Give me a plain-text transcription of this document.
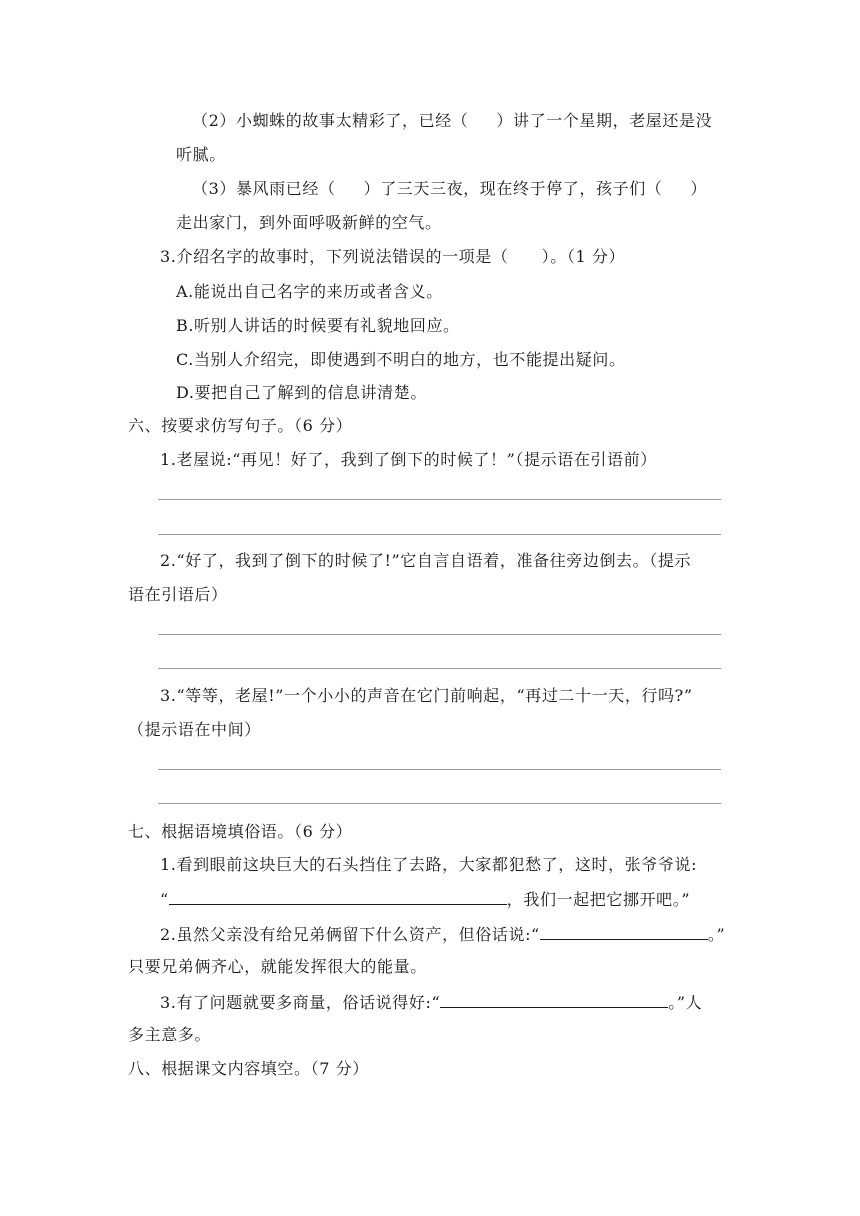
（2）小蜘蛛的故事太精彩了，已经（ ）讲了一个星期，老屋还是没
听腻。
（3）暴风雨已经（ ）了三天三夜，现在终于停了，孩子们（ ）
走出家门，到外面呼吸新鲜的空气。
3.介绍名字的故事时，下列说法错误的一项是（　　）。（1 分）
A.能说出自己名字的来历或者含义。
B.听别人讲话的时候要有礼貌地回应。
C.当别人介绍完，即使遇到不明白的地方，也不能提出疑问。
D.要把自己了解到的信息讲清楚。
六、按要求仿写句子。（6 分）
1.老屋说:“再见！好了，我到了倒下的时候了！”（提示语在引语前）
2.“好了，我到了倒下的时候了!”它自言自语着，准备往旁边倒去。（提示
语在引语后）
3.“等等，老屋!”一个小小的声音在它门前响起，“再过二十一天，行吗?”
（提示语在中间）
七、根据语境填俗语。（6 分）
1.看到眼前这块巨大的石头挡住了去路，大家都犯愁了，这时，张爷爷说:
“	，我们一起把它挪开吧。”
2.虽然父亲没有给兄弟俩留下什么资产，但俗话说:“	。”
只要兄弟俩齐心，就能发挥很大的能量。
3.有了问题就要多商量，俗话说得好:“	。”人
多主意多。
八、根据课文内容填空。（7 分）
